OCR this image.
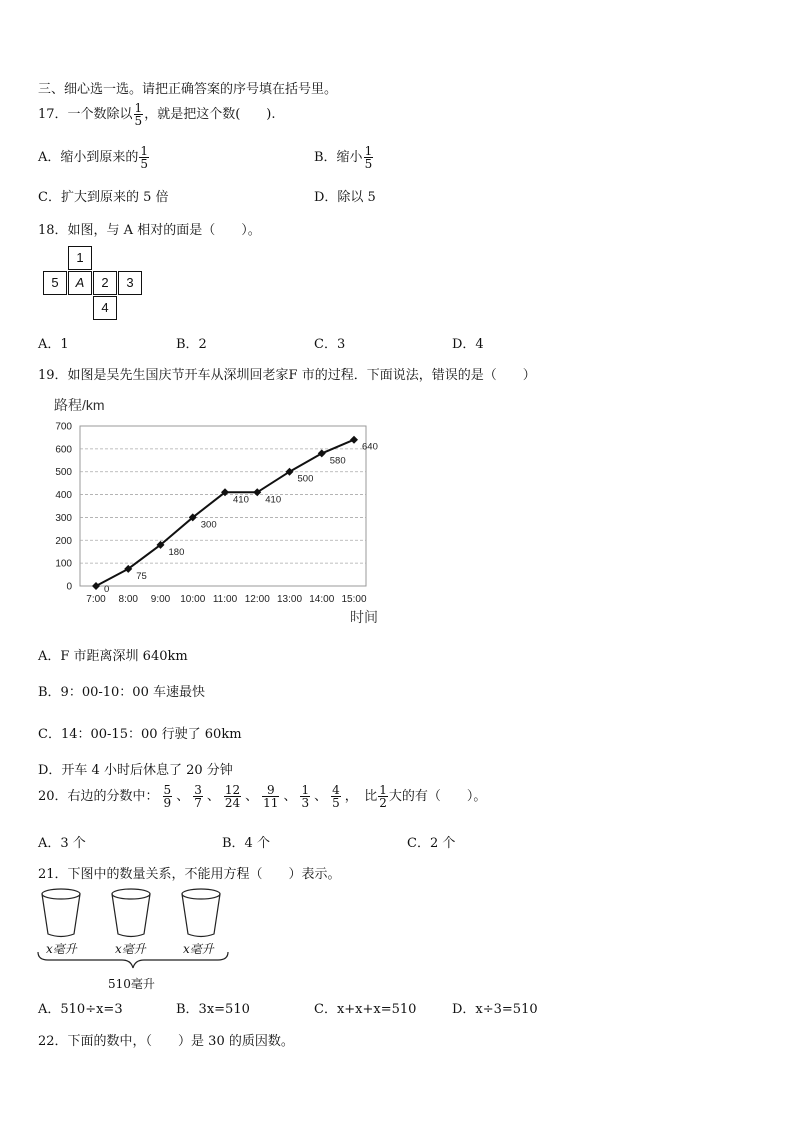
三、细心选一选。请把正确答案的序号填在括号里。
17．一个数除以 $\frac{1}{5}$ ，就是把这个数(　　).
A．缩小到原来的 $\frac{1}{5}$	B．缩小 $\frac{1}{5}$
C．扩大到原来的 5 倍	D．除以 5
18．如图，与 A 相对的面是（　　）。
1
5	A	2	3
4
A．1	B．2	C．3	D．4
19．如图是吴先生国庆节开车从深圳回老家F 市的过程．下面说法，错误的是（　　）
路程/km
时间
0
100
200
300
400
500
600
700
7:00 8:00 9:00 10:00 11:00 12:00 13:00 14:00 15:00
0
75
180
300
410 410
500
580
640
A．F 市距离深圳 640km
B．9：00-10：00 车速最快
C．14：00-15：00 行驶了 60km
D．开车 4 小时后休息了 20 分钟
20．右边的分数中： $\frac{5}{9}$ 、 $\frac{3}{7}$ 、 $\frac{12}{24}$ 、 $\frac{9}{11}$ 、 $\frac{1}{3}$ 、 $\frac{4}{5}$ ，　比 $\frac{1}{2}$ 大的有（　　）。
A．3 个	B．4 个	C．2 个
21．下图中的数量关系，不能用方程（　　）表示。
x毫升	x毫升	x毫升
510毫升
A．510÷x=3	B．3x=510	C．x+x+x=510	D．x÷3=510
22．下面的数中，（　　）是 30 的质因数。
